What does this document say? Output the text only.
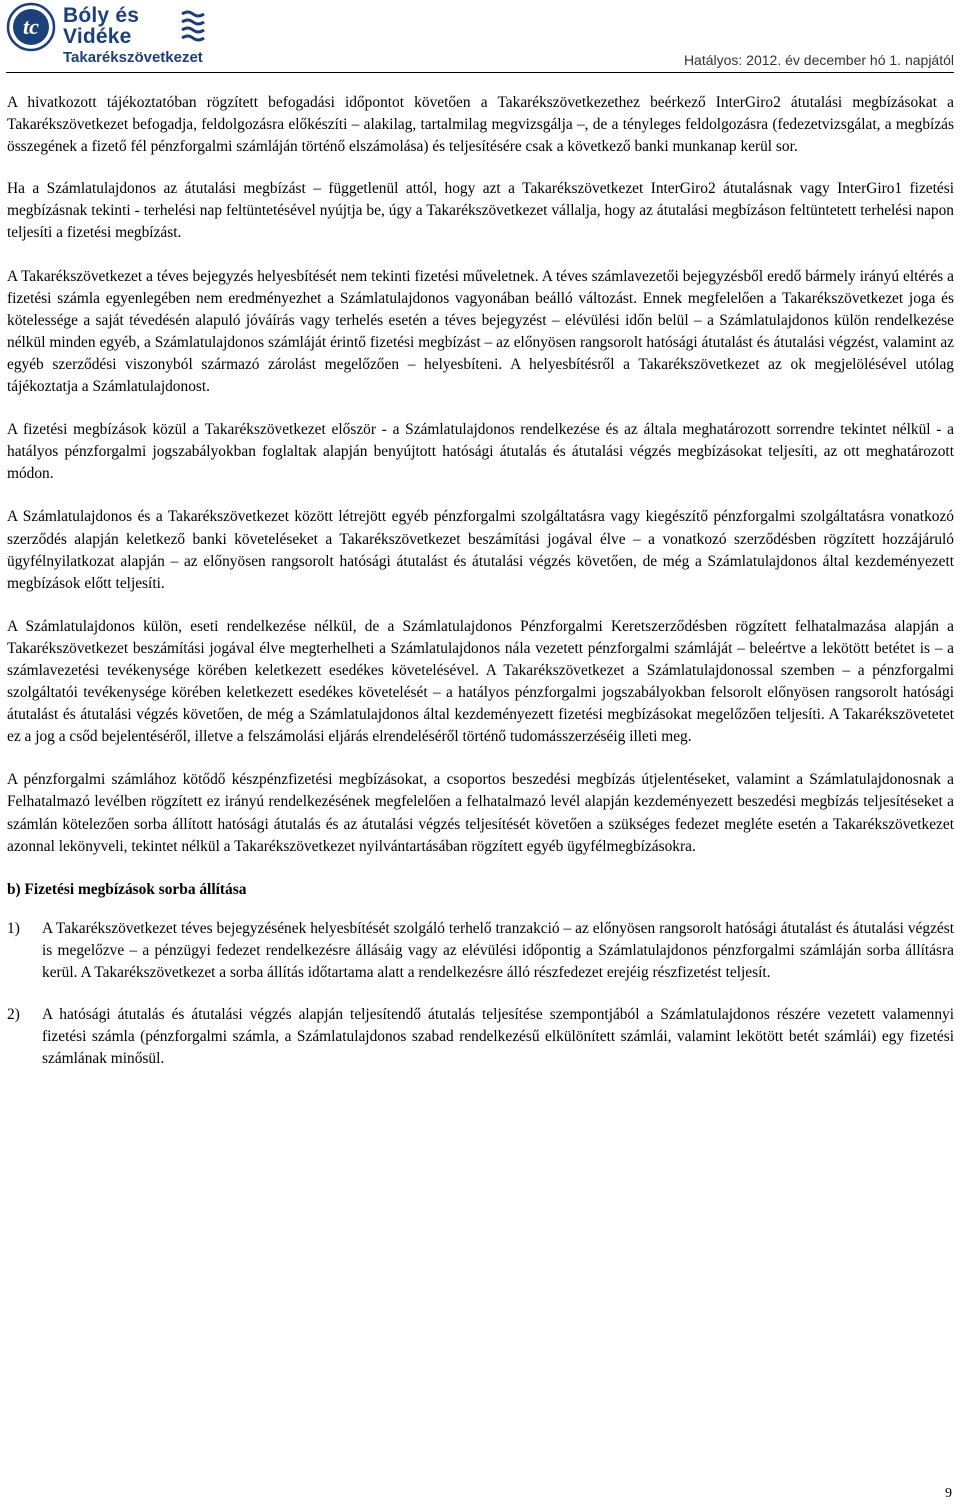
tc Bóly és Vidéke
Takarékszövetkezet	Hatályos: 2012. év december hó 1. napjától

A hivatkozott tájékoztatóban rögzített befogadási időpontot követően a Takarékszövetkezethez beérkező InterGiro2 átutalási megbízásokat a Takarékszövetkezet befogadja, feldolgozásra előkészíti – alakilag, tartalmilag megvizsgálja –, de a tényleges feldolgozásra (fedezetvizsgálat, a megbízás összegének a fizető fél pénzforgalmi számláján történő elszámolása) és teljesítésére csak a következő banki munkanap kerül sor.

Ha a Számlatulajdonos az átutalási megbízást – függetlenül attól, hogy azt a Takarékszövetkezet InterGiro2 átutalásnak vagy InterGiro1 fizetési megbízásnak tekinti - terhelési nap feltüntetésével nyújtja be, úgy a Takarékszövetkezet vállalja, hogy az átutalási megbízáson feltüntetett terhelési napon teljesíti a fizetési megbízást.

A Takarékszövetkezet a téves bejegyzés helyesbítését nem tekinti fizetési műveletnek. A téves számlavezetői bejegyzésből eredő bármely irányú eltérés a fizetési számla egyenlegében nem eredményezhet a Számlatulajdonos vagyonában beálló változást. Ennek megfelelően a Takarékszövetkezet joga és kötelessége a saját tévedésén alapuló jóváírás vagy terhelés esetén a téves bejegyzést – elévülési időn belül – a Számlatulajdonos külön rendelkezése nélkül minden egyéb, a Számlatulajdonos számláját érintő fizetési megbízást – az előnyösen rangsorolt hatósági átutalást és átutalási végzést, valamint az egyéb szerződési viszonyból származó zárolást megelőzően – helyesbíteni. A helyesbítésről a Takarékszövetkezet az ok megjelölésével utólag tájékoztatja a Számlatulajdonost.

A fizetési megbízások közül a Takarékszövetkezet először - a Számlatulajdonos rendelkezése és az általa meghatározott sorrendre tekintet nélkül - a hatályos pénzforgalmi jogszabályokban foglaltak alapján benyújtott hatósági átutalás és átutalási végzés megbízásokat teljesíti, az ott meghatározott módon.

A Számlatulajdonos és a Takarékszövetkezet között létrejött egyéb pénzforgalmi szolgáltatásra vagy kiegészítő pénzforgalmi szolgáltatásra vonatkozó szerződés alapján keletkező banki követeléseket a Takarékszövetkezet beszámítási jogával élve – a vonatkozó szerződésben rögzített hozzájáruló ügyfélnyilatkozat alapján – az előnyösen rangsorolt hatósági átutalást és átutalási végzés követően, de még a Számlatulajdonos által kezdeményezett megbízások előtt teljesíti.

A Számlatulajdonos külön, eseti rendelkezése nélkül, de a Számlatulajdonos Pénzforgalmi Keretszerződésben rögzített felhatalmazása alapján a Takarékszövetkezet beszámítási jogával élve megterhelheti a Számlatulajdonos nála vezetett pénzforgalmi számláját – beleértve a lekötött betétet is – a számlavezetési tevékenysége körében keletkezett esedékes követelésével. A Takarékszövetkezet a Számlatulajdonossal szemben – a pénzforgalmi szolgáltatói tevékenysége körében keletkezett esedékes követelését – a hatályos pénzforgalmi jogszabályokban felsorolt előnyösen rangsorolt hatósági átutalást és átutalási végzés követően, de még a Számlatulajdonos által kezdeményezett fizetési megbízásokat megelőzően teljesíti. A Takarékszövetetet ez a jog a csőd bejelentéséről, illetve a felszámolási eljárás elrendeléséről történő tudomásszerzéséig illeti meg.

A pénzforgalmi számlához kötődő készpénzfizetési megbízásokat, a csoportos beszedési megbízás útjelentéseket, valamint a Számlatulajdonosnak a Felhatalmazó levélben rögzített ez irányú rendelkezésének megfelelően a felhatalmazó levél alapján kezdeményezett beszedési megbízás teljesítéseket a számlán kötelezően sorba állított hatósági átutalás és az átutalási végzés teljesítését követően a szükséges fedezet megléte esetén a Takarékszövetkezet azonnal lekönyveli, tekintet nélkül a Takarékszövetkezet nyilvántartásában rögzített egyéb ügyfélmegbízásokra.

b) Fizetési megbízások sorba állítása
1)	A Takarékszövetkezet téves bejegyzésének helyesbítését szolgáló terhelő tranzakció – az előnyösen rangsorolt hatósági átutalást és átutalási végzést is megelőzve – a pénzügyi fedezet rendelkezésre állásáig vagy az elévülési időpontig a Számlatulajdonos pénzforgalmi számláján sorba állításra kerül. A Takarékszövetkezet a sorba állítás időtartama alatt a rendelkezésre álló részfedezet erejéig részfizetést teljesít.
2)	A hatósági átutalás és átutalási végzés alapján teljesítendő átutalás teljesítése szempontjából a Számlatulajdonos részére vezetett valamennyi fizetési számla (pénzforgalmi számla, a Számlatulajdonos szabad rendelkezésű elkülönített számlái, valamint lekötött betét számlái) egy fizetési számlának minősül.
9
